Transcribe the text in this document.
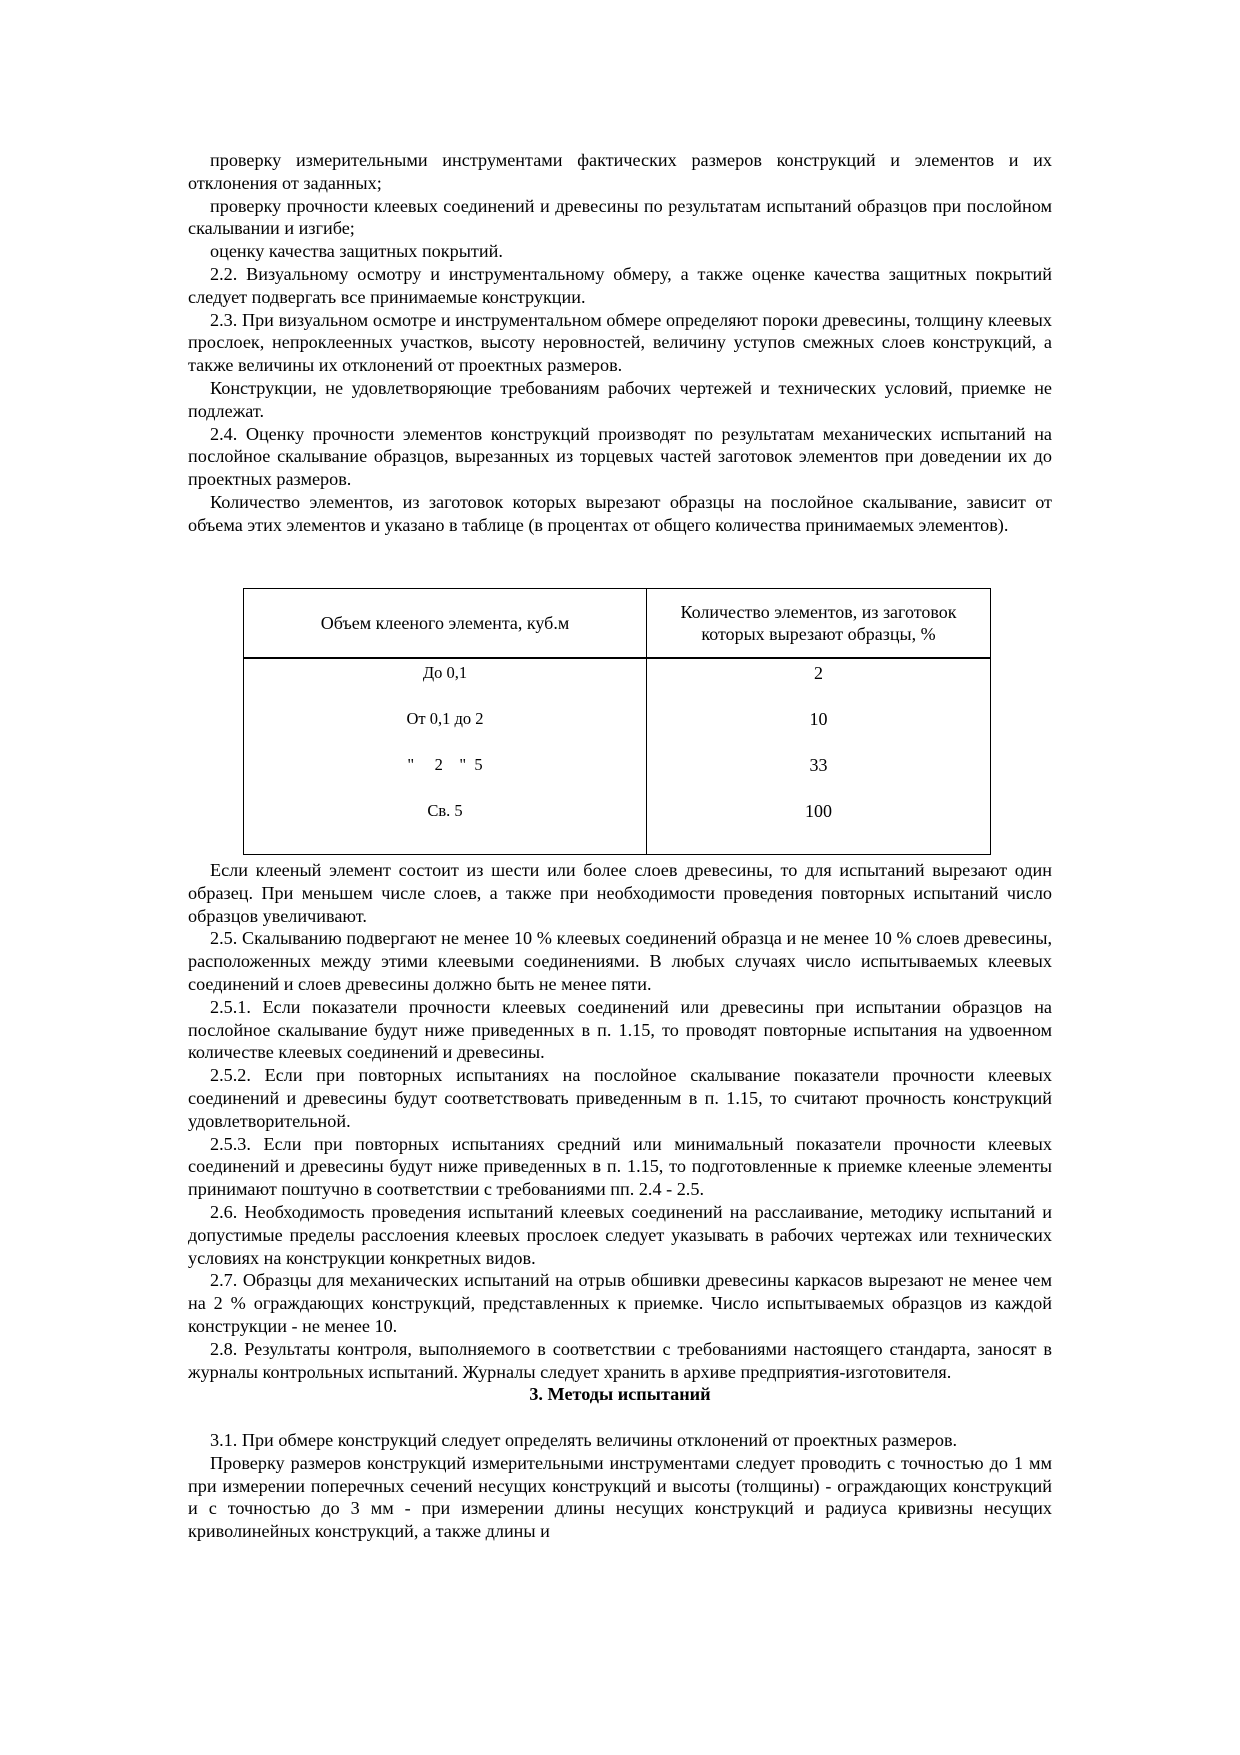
проверку измерительными инструментами фактических размеров конструкций и элементов и их отклонения от заданных;

проверку прочности клеевых соединений и древесины по результатам испытаний образцов при послойном скалывании и изгибе;

оценку качества защитных покрытий.

2.2. Визуальному осмотру и инструментальному обмеру, а также оценке качества защитных покрытий следует подвергать все принимаемые конструкции.

2.3. При визуальном осмотре и инструментальном обмере определяют пороки древесины, толщину клеевых прослоек, непроклеенных участков, высоту неровностей, величину уступов смежных слоев конструкций, а также величины их отклонений от проектных размеров.

Конструкции, не удовлетворяющие требованиям рабочих чертежей и технических условий, приемке не подлежат.

2.4. Оценку прочности элементов конструкций производят по результатам механических испытаний на послойное скалывание образцов, вырезанных из торцевых частей заготовок элементов при доведении их до проектных размеров.

Количество элементов, из заготовок которых вырезают образцы на послойное скалывание, зависит от объема этих элементов и указано в таблице (в процентах от общего количества принимаемых элементов).

Объем клееного элемента, куб.м	Количество элементов, из заготовок которых вырезают образцы, %
До 0,1	2
От 0,1 до 2	10
"     2    "  5	33
Св. 5	100

Если клееный элемент состоит из шести или более слоев древесины, то для испытаний вырезают один образец. При меньшем числе слоев, а также при необходимости проведения повторных испытаний число образцов увеличивают.

2.5. Скалыванию подвергают не менее 10 % клеевых соединений образца и не менее 10 % слоев древесины, расположенных между этими клеевыми соединениями. В любых случаях число испытываемых клеевых соединений и слоев древесины должно быть не менее пяти.

2.5.1. Если показатели прочности клеевых соединений или древесины при испытании образцов на послойное скалывание будут ниже приведенных в п. 1.15, то проводят повторные испытания на удвоенном количестве клеевых соединений и древесины.

2.5.2. Если при повторных испытаниях на послойное скалывание показатели прочности клеевых соединений и древесины будут соответствовать приведенным в п. 1.15, то считают прочность конструкций удовлетворительной.

2.5.3. Если при повторных испытаниях средний или минимальный показатели прочности клеевых соединений и древесины будут ниже приведенных в п. 1.15, то подготовленные к приемке клееные элементы принимают поштучно в соответствии с требованиями пп. 2.4 - 2.5.

2.6. Необходимость проведения испытаний клеевых соединений на расслаивание, методику испытаний и допустимые пределы расслоения клеевых прослоек следует указывать в рабочих чертежах или технических условиях на конструкции конкретных видов.

2.7. Образцы для механических испытаний на отрыв обшивки древесины каркасов вырезают не менее чем на 2 % ограждающих конструкций, представленных к приемке. Число испытываемых образцов из каждой конструкции - не менее 10.

2.8. Результаты контроля, выполняемого в соответствии с требованиями настоящего стандарта, заносят в журналы контрольных испытаний. Журналы следует хранить в архиве предприятия-изготовителя.

3. Методы испытаний

3.1. При обмере конструкций следует определять величины отклонений от проектных размеров.

Проверку размеров конструкций измерительными инструментами следует проводить с точностью до 1 мм при измерении поперечных сечений несущих конструкций и высоты (толщины) - ограждающих конструкций и с точностью до 3 мм - при измерении длины несущих конструкций и радиуса кривизны несущих криволинейных конструкций, а также длины и
